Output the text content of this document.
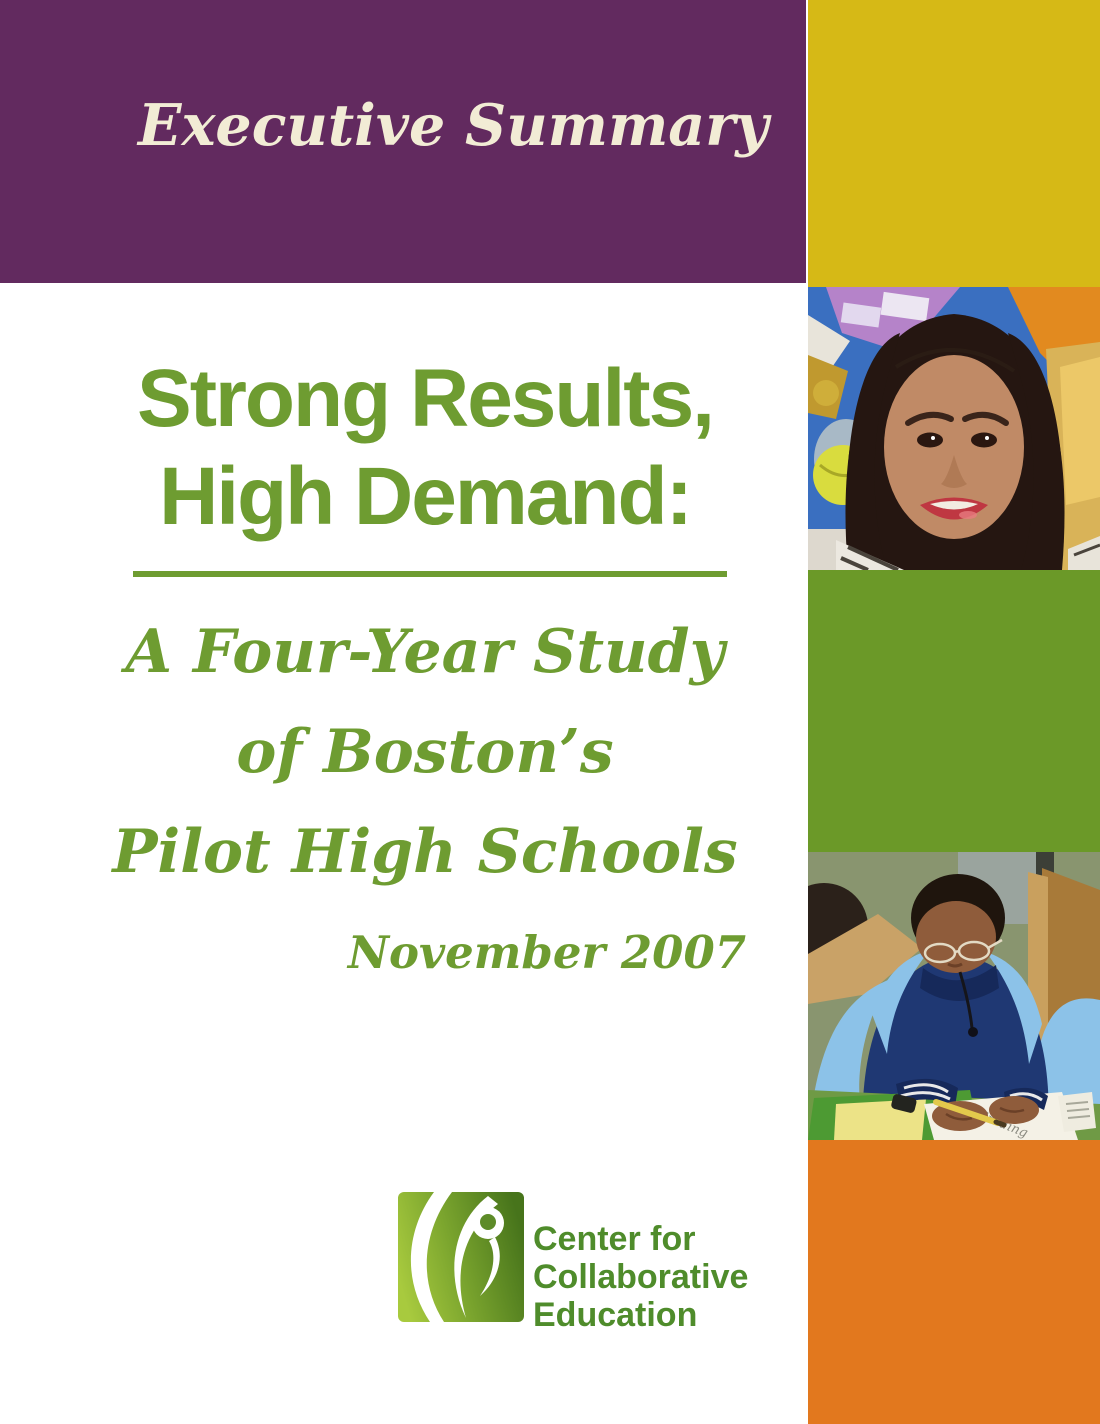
Executive Summary
Strong Results,
High Demand:
A Four-Year Study
of Boston’s
Pilot High Schools
November 2007
Center for
Collaborative
Education
